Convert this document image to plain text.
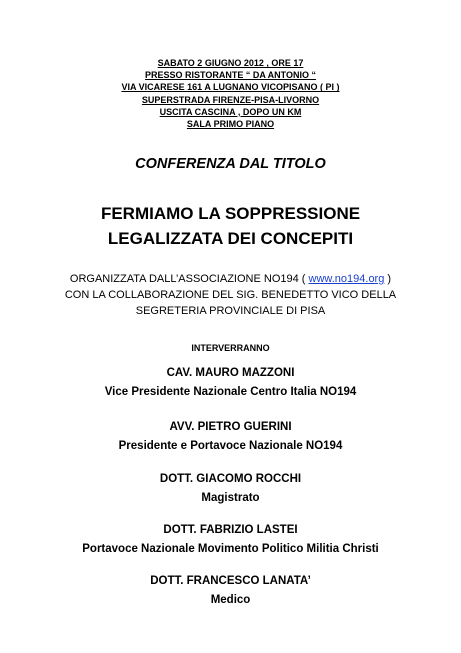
SABATO 2 GIUGNO 2012 , ORE 17
PRESSO RISTORANTE “ DA ANTONIO “
VIA VICARESE 161 A LUGNANO VICOPISANO ( PI )
SUPERSTRADA FIRENZE-PISA-LIVORNO
USCITA CASCINA , DOPO UN KM
SALA PRIMO PIANO
CONFERENZA DAL TITOLO
FERMIAMO LA SOPPRESSIONE
LEGALIZZATA DEI CONCEPITI
ORGANIZZATA DALL’ASSOCIAZIONE NO194 ( www.no194.org )
CON LA COLLABORAZIONE DEL SIG. BENEDETTO VICO DELLA
SEGRETERIA PROVINCIALE DI PISA
INTERVERRANNO
CAV. MAURO MAZZONI
Vice Presidente Nazionale Centro Italia NO194
AVV. PIETRO GUERINI
Presidente e Portavoce Nazionale NO194
DOTT. GIACOMO ROCCHI
Magistrato
DOTT. FABRIZIO LASTEI
Portavoce Nazionale Movimento Politico Militia Christi
DOTT. FRANCESCO LANATA’
Medico
